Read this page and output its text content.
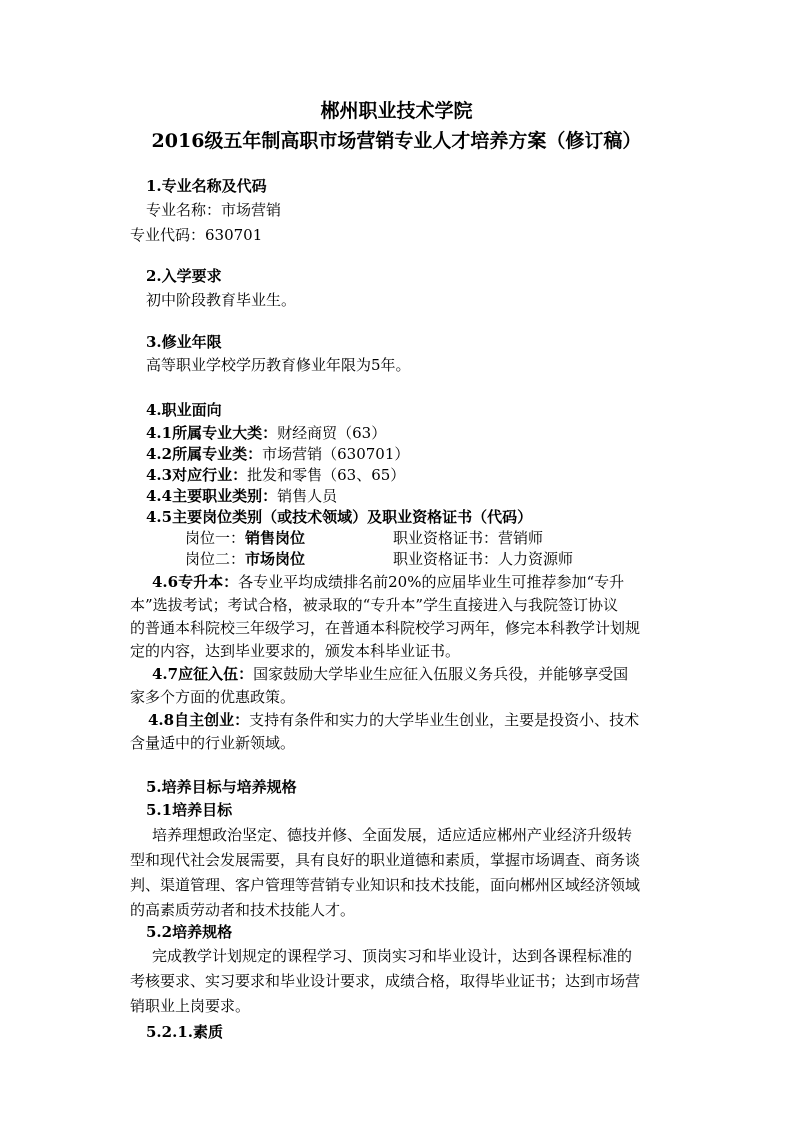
郴州职业技术学院
2016级五年制高职市场营销专业人才培养方案（修订稿）
1.专业名称及代码
专业名称：市场营销
专业代码：630701
2.入学要求
初中阶段教育毕业生。
3.修业年限
高等职业学校学历教育修业年限为5年。
4.职业面向
4.1所属专业大类：财经商贸（63）
4.2所属专业类：市场营销（630701）
4.3对应行业：批发和零售（63、65）
4.4主要职业类别：销售人员
4.5主要岗位类别（或技术领域）及职业资格证书（代码）
岗位一：销售岗位	职业资格证书：营销师
岗位二：市场岗位	职业资格证书：人力资源师
4.6专升本：各专业平均成绩排名前20%的应届毕业生可推荐参加“专升
本”选拔考试；考试合格，被录取的“专升本”学生直接进入与我院签订协议
的普通本科院校三年级学习，在普通本科院校学习两年，修完本科教学计划规
定的内容，达到毕业要求的，颁发本科毕业证书。
4.7应征入伍：国家鼓励大学毕业生应征入伍服义务兵役，并能够享受国
家多个方面的优惠政策。
4.8自主创业：支持有条件和实力的大学毕业生创业，主要是投资小、技术
含量适中的行业新领域。
5.培养目标与培养规格
5.1培养目标
培养理想政治坚定、德技并修、全面发展，适应适应郴州产业经济升级转
型和现代社会发展需要，具有良好的职业道德和素质，掌握市场调查、商务谈
判、渠道管理、客户管理等营销专业知识和技术技能，面向郴州区域经济领域
的高素质劳动者和技术技能人才。
5.2培养规格
完成教学计划规定的课程学习、顶岗实习和毕业设计，达到各课程标准的
考核要求、实习要求和毕业设计要求，成绩合格，取得毕业证书；达到市场营
销职业上岗要求。
5.2.1.素质
